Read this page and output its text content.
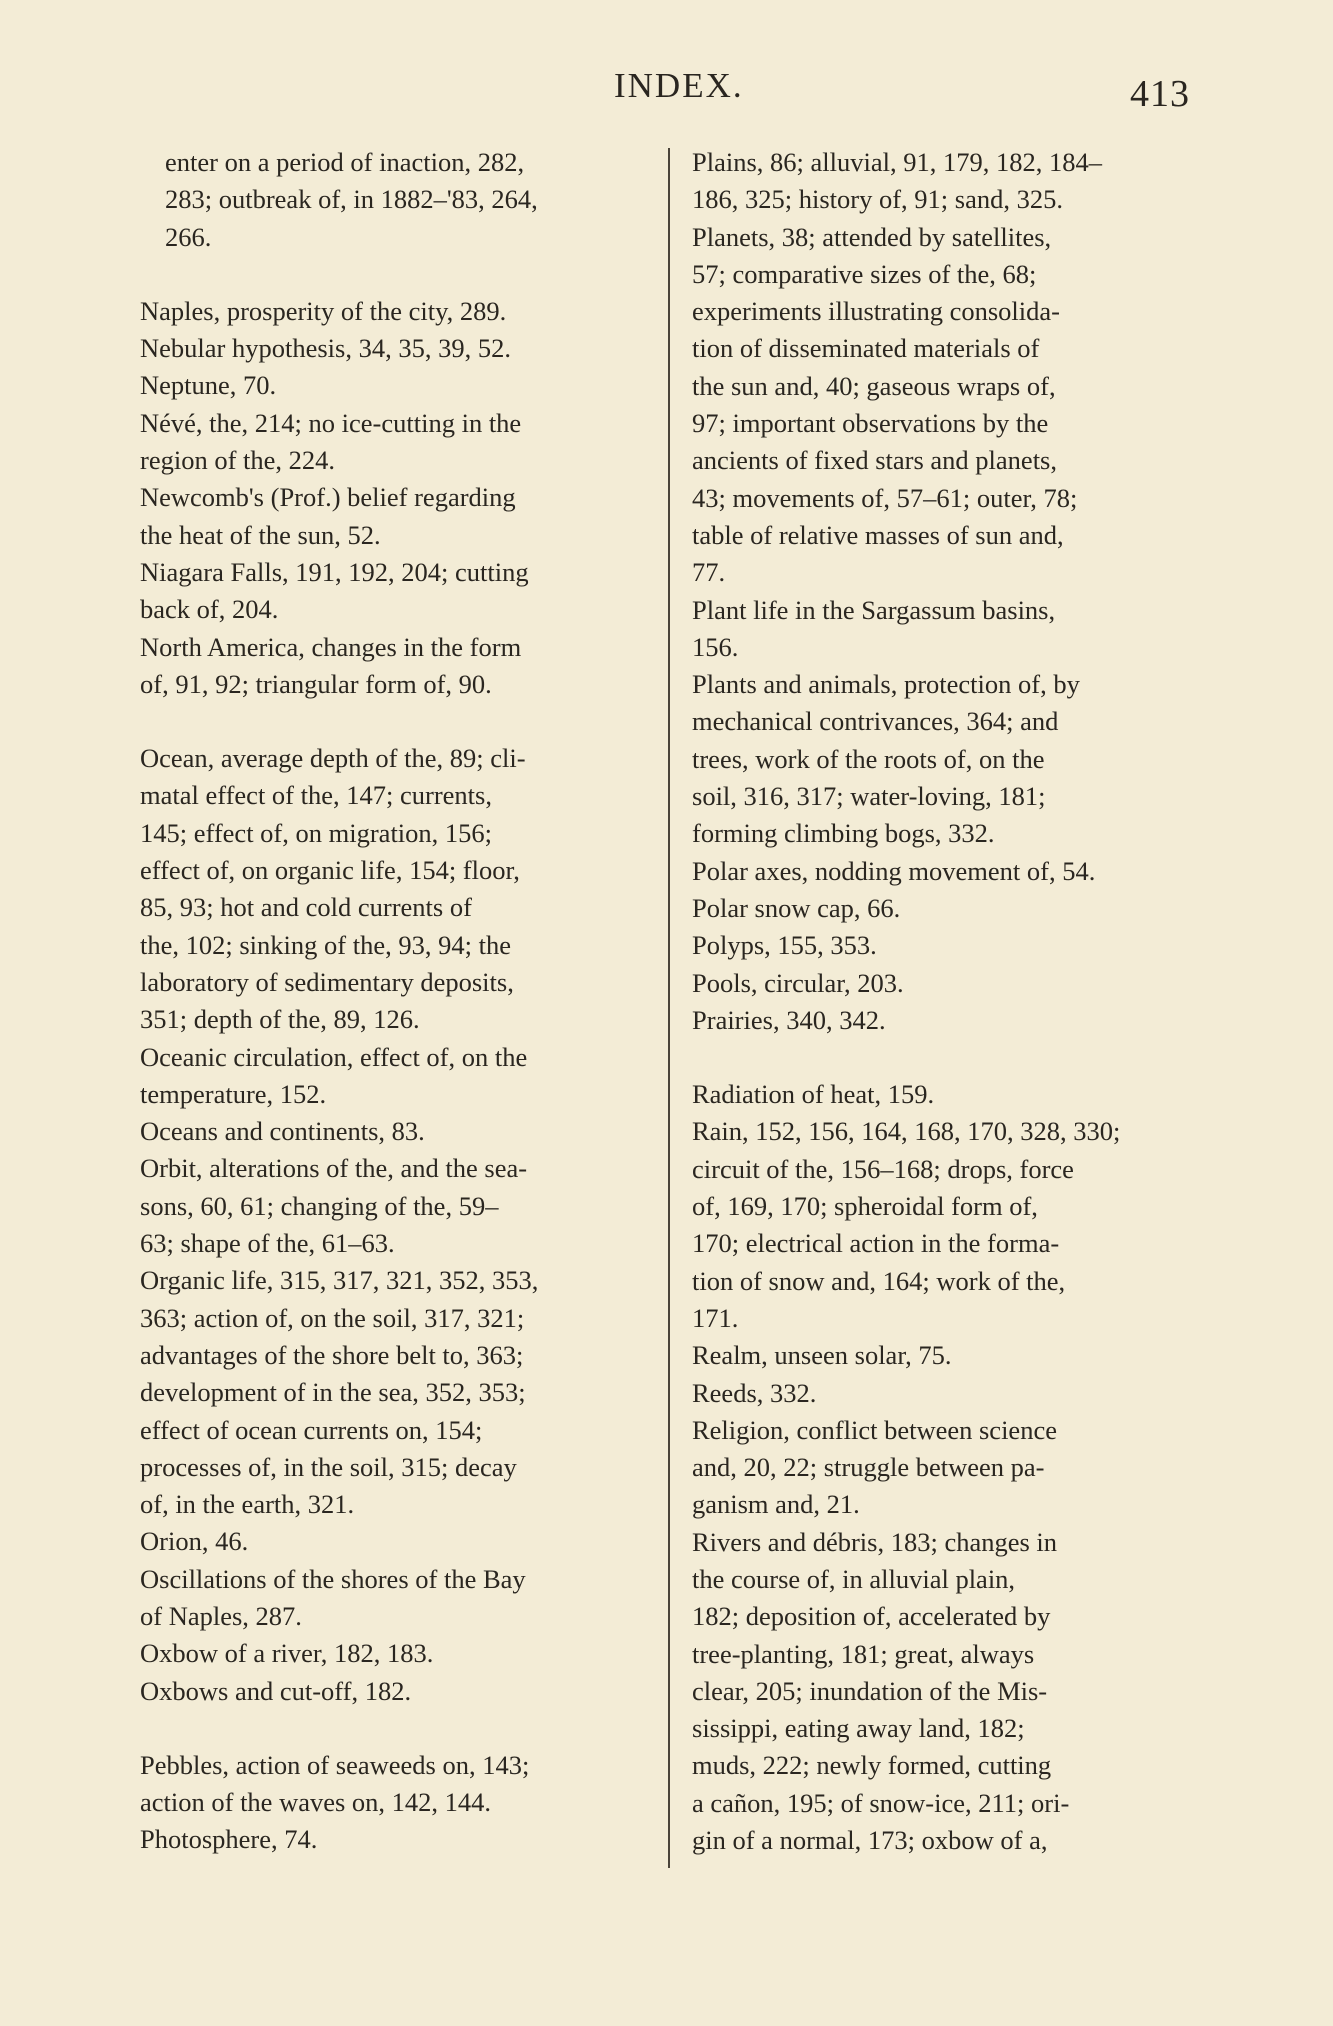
INDEX.	413

enter on a period of inaction, 282,
283; outbreak of, in 1882–'83, 264,
266.

Naples, prosperity of the city, 289.

Nebular hypothesis, 34, 35, 39, 52.

Neptune, 70.

Névé, the, 214; no ice-cutting in the
region of the, 224.

Newcomb's (Prof.) belief regarding
the heat of the sun, 52.

Niagara Falls, 191, 192, 204; cutting
back of, 204.

North America, changes in the form
of, 91, 92; triangular form of, 90.

Ocean, average depth of the, 89; cli-
matal effect of the, 147; currents,
145; effect of, on migration, 156;
effect of, on organic life, 154; floor,
85, 93; hot and cold currents of
the, 102; sinking of the, 93, 94; the
laboratory of sedimentary deposits,
351; depth of the, 89, 126.

Oceanic circulation, effect of, on the
temperature, 152.

Oceans and continents, 83.

Orbit, alterations of the, and the sea-
sons, 60, 61; changing of the, 59–
63; shape of the, 61–63.

Organic life, 315, 317, 321, 352, 353,
363; action of, on the soil, 317, 321;
advantages of the shore belt to, 363;
development of in the sea, 352, 353;
effect of ocean currents on, 154;
processes of, in the soil, 315; decay
of, in the earth, 321.

Orion, 46.

Oscillations of the shores of the Bay
of Naples, 287.

Oxbow of a river, 182, 183.

Oxbows and cut-off, 182.

Pebbles, action of seaweeds on, 143;
action of the waves on, 142, 144.

Photosphere, 74.

Plains, 86; alluvial, 91, 179, 182, 184–
186, 325; history of, 91; sand, 325.

Planets, 38; attended by satellites,
57; comparative sizes of the, 68;
experiments illustrating consolida-
tion of disseminated materials of
the sun and, 40; gaseous wraps of,
97; important observations by the
ancients of fixed stars and planets,
43; movements of, 57–61; outer, 78;
table of relative masses of sun and,
77.

Plant life in the Sargassum basins,
156.

Plants and animals, protection of, by
mechanical contrivances, 364; and
trees, work of the roots of, on the
soil, 316, 317; water-loving, 181;
forming climbing bogs, 332.

Polar axes, nodding movement of, 54.

Polar snow cap, 66.

Polyps, 155, 353.

Pools, circular, 203.

Prairies, 340, 342.

Radiation of heat, 159.

Rain, 152, 156, 164, 168, 170, 328, 330;
circuit of the, 156–168; drops, force
of, 169, 170; spheroidal form of,
170; electrical action in the forma-
tion of snow and, 164; work of the,
171.

Realm, unseen solar, 75.

Reeds, 332.

Religion, conflict between science
and, 20, 22; struggle between pa-
ganism and, 21.

Rivers and débris, 183; changes in
the course of, in alluvial plain,
182; deposition of, accelerated by
tree-planting, 181; great, always
clear, 205; inundation of the Mis-
sissippi, eating away land, 182;
muds, 222; newly formed, cutting
a cañon, 195; of snow-ice, 211; ori-
gin of a normal, 173; oxbow of a,
